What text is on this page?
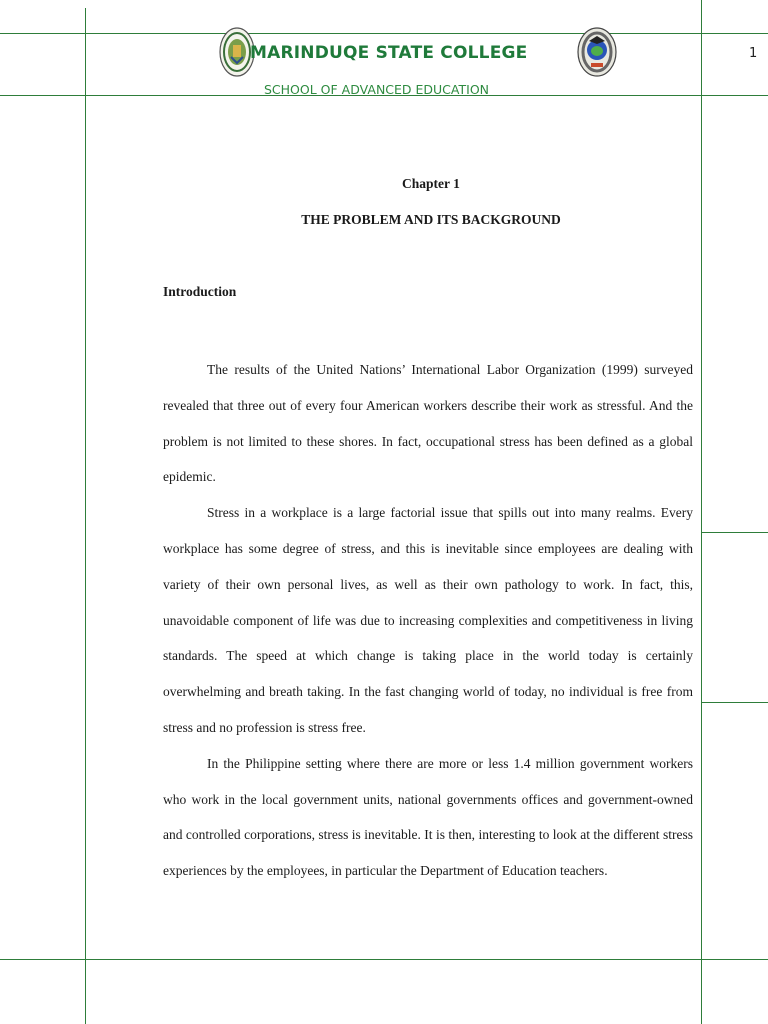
MARINDUQE STATE COLLEGE
SCHOOL OF ADVANCED EDUCATION
1
Chapter 1
THE PROBLEM AND ITS BACKGROUND
Introduction

The results of the United Nations’ International Labor Organization (1999) surveyed revealed that three out of every four American workers describe their work as stressful. And the problem is not limited to these shores. In fact, occupational stress has been defined as a global epidemic.

Stress in a workplace is a large factorial issue that spills out into many realms. Every workplace has some degree of stress, and this is inevitable since employees are dealing with variety of their own personal lives, as well as their own pathology to work. In fact, this, unavoidable component of life was due to increasing complexities and competitiveness in living standards. The speed at which change is taking place in the world today is certainly overwhelming and breath taking. In the fast changing world of today, no individual is free from stress and no profession is stress free.

In the Philippine setting where there are more or less 1.4 million government workers who work in the local government units, national governments offices and government-owned and controlled corporations, stress is inevitable. It is then, interesting to look at the different stress experiences by the employees, in particular the Department of Education teachers.
